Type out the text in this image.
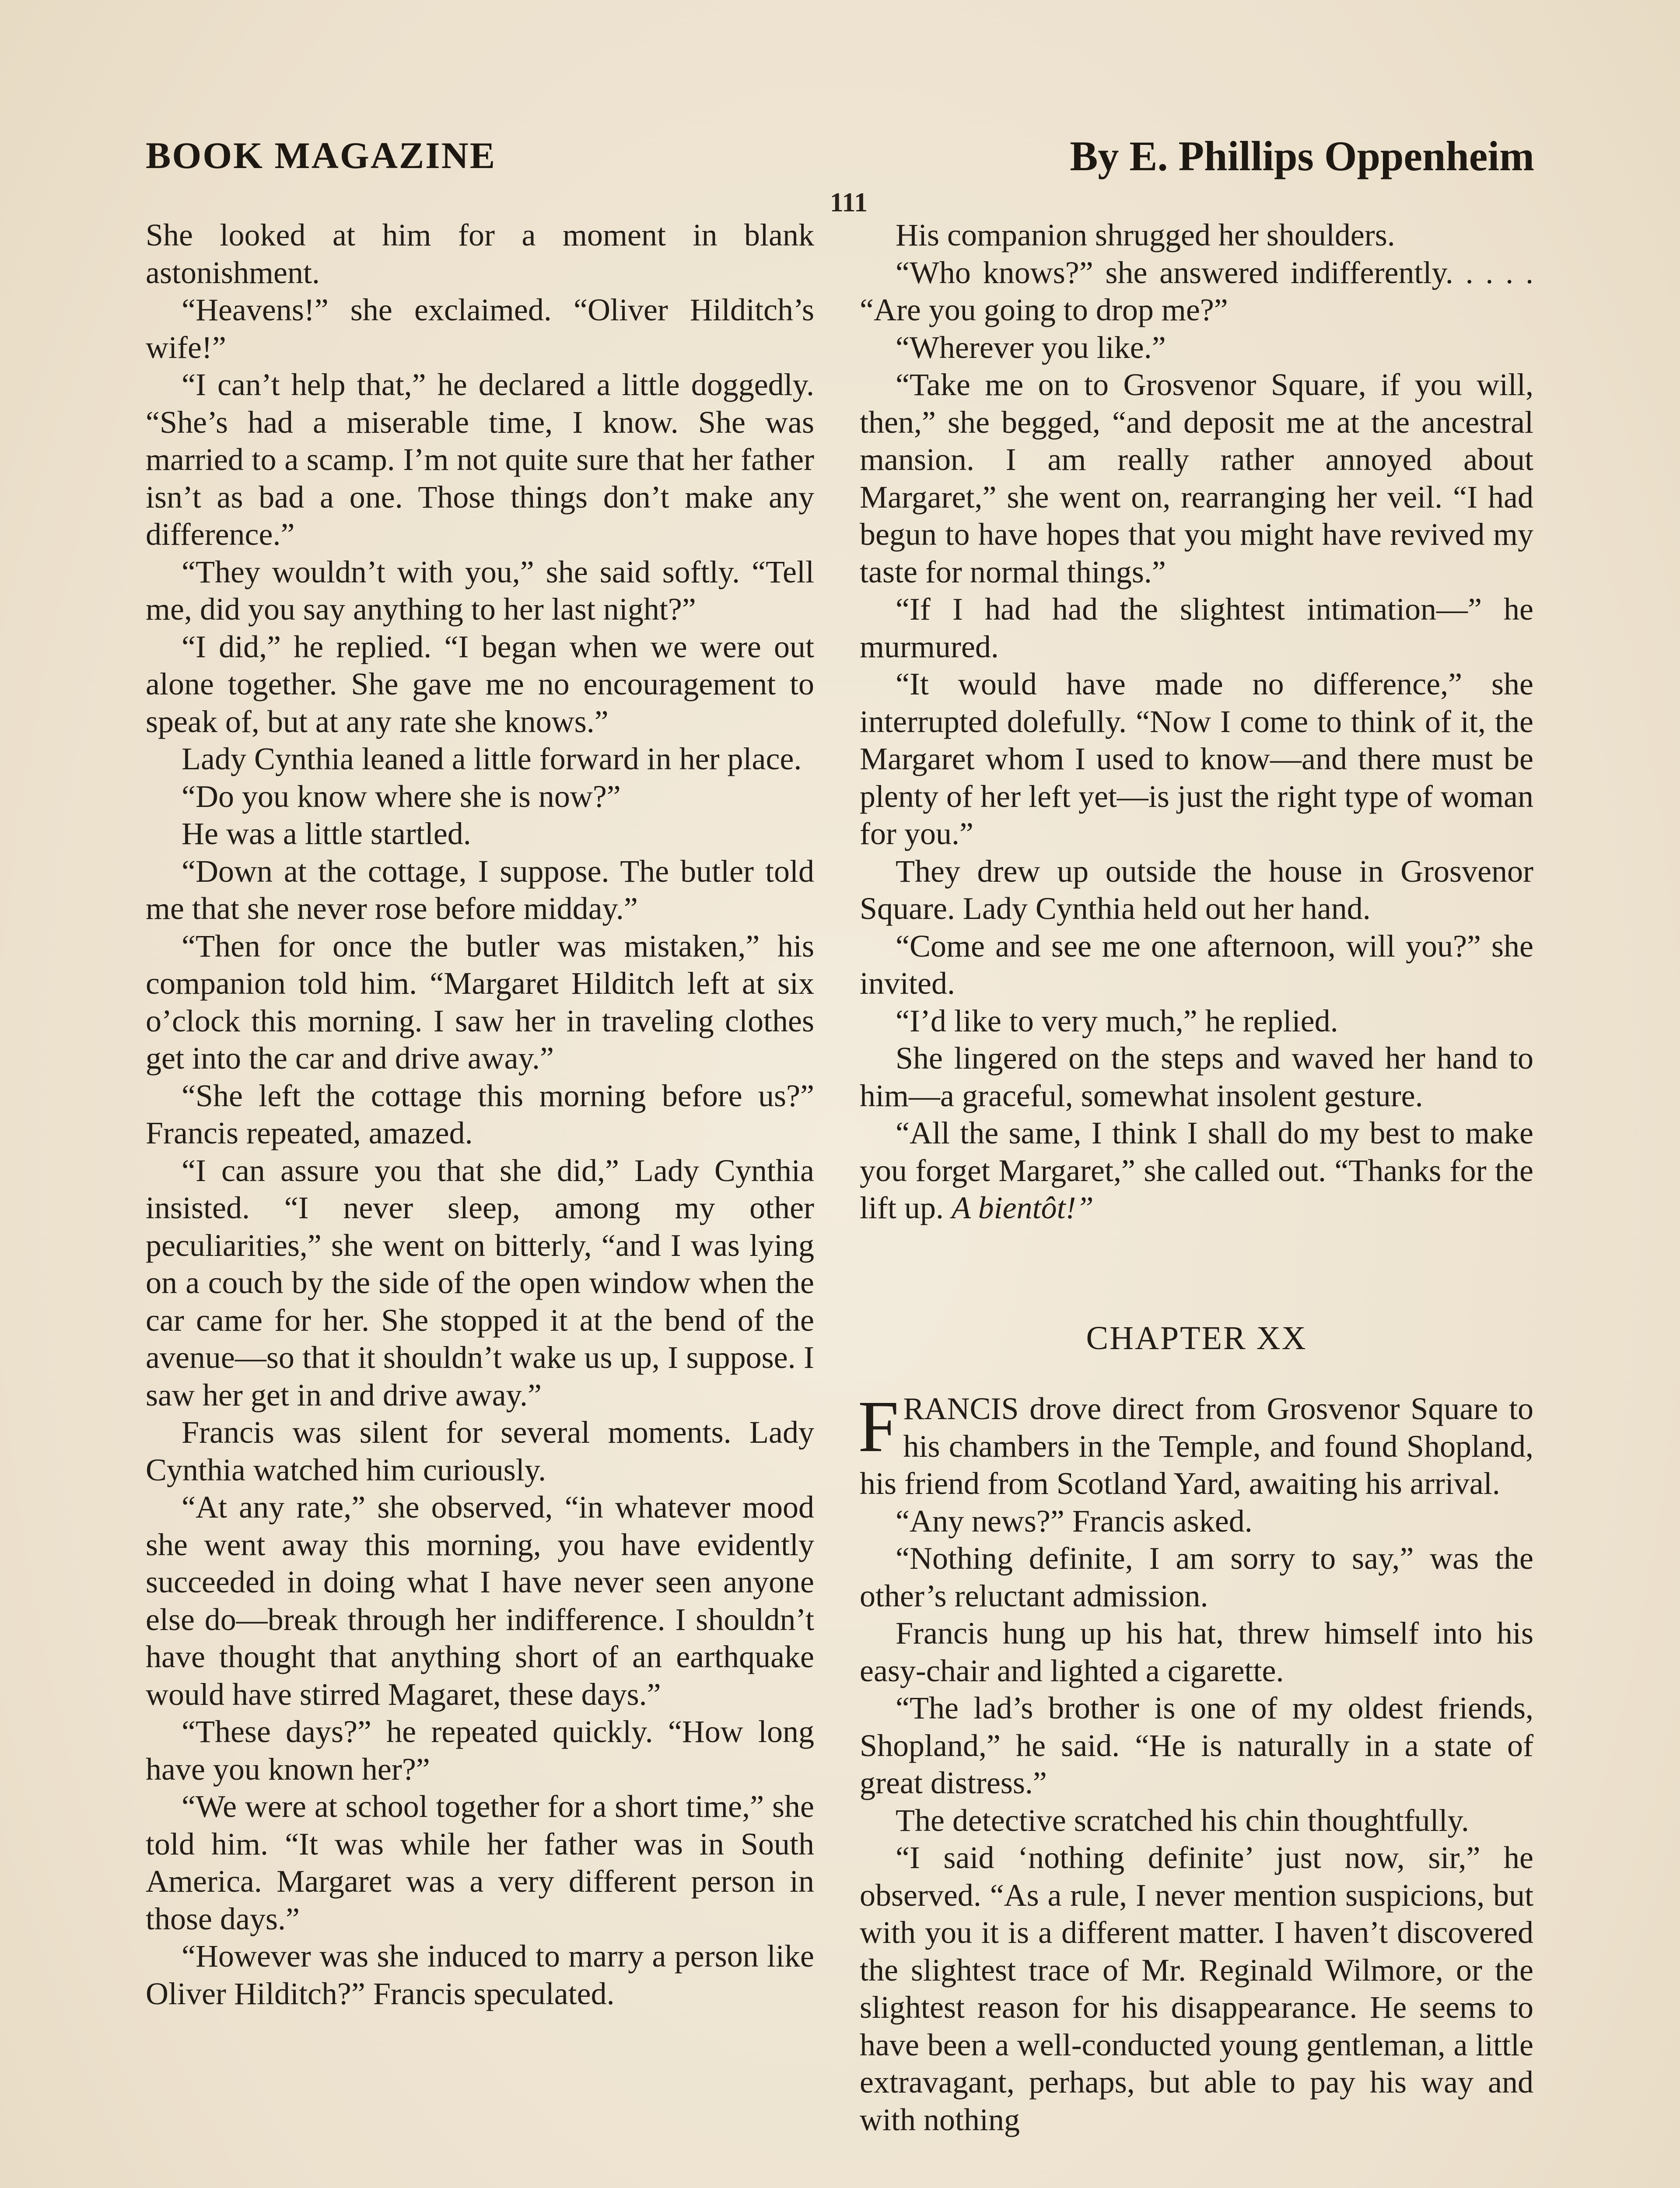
BOOK MAGAZINE	By E. Phillips Oppenheim
111

She looked at him for a moment in blank astonishment.

“Heavens!” she exclaimed. “Oliver Hilditch’s wife!”

“I can’t help that,” he declared a little doggedly. “She’s had a miserable time, I know. She was married to a scamp. I’m not quite sure that her father isn’t as bad a one. Those things don’t make any difference.”

“They wouldn’t with you,” she said softly. “Tell me, did you say anything to her last night?”

“I did,” he replied. “I began when we were out alone together. She gave me no encouragement to speak of, but at any rate she knows.”

Lady Cynthia leaned a little forward in her place.

“Do you know where she is now?”

He was a little startled.

“Down at the cottage, I suppose. The butler told me that she never rose before midday.”

“Then for once the butler was mistaken,” his companion told him. “Margaret Hilditch left at six o’clock this morning. I saw her in traveling clothes get into the car and drive away.”

“She left the cottage this morning before us?” Francis repeated, amazed.

“I can assure you that she did,” Lady Cynthia insisted. “I never sleep, among my other peculiarities,” she went on bitterly, “and I was lying on a couch by the side of the open window when the car came for her. She stopped it at the bend of the avenue—so that it shouldn’t wake us up, I suppose. I saw her get in and drive away.”

Francis was silent for several moments. Lady Cynthia watched him curiously.

“At any rate,” she observed, “in whatever mood she went away this morning, you have evidently succeeded in doing what I have never seen anyone else do—break through her indifference. I shouldn’t have thought that anything short of an earthquake would have stirred Magaret, these days.”

“These days?” he repeated quickly. “How long have you known her?”

“We were at school together for a short time,” she told him. “It was while her father was in South America. Margaret was a very different person in those days.”

“However was she induced to marry a person like Oliver Hilditch?” Francis speculated.

His companion shrugged her shoulders.

“Who knows?” she answered indifferently. . . . . “Are you going to drop me?”

“Wherever you like.”

“Take me on to Grosvenor Square, if you will, then,” she begged, “and deposit me at the ancestral mansion. I am really rather annoyed about Margaret,” she went on, rearranging her veil. “I had begun to have hopes that you might have revived my taste for normal things.”

“If I had had the slightest intimation—” he murmured.

“It would have made no difference,” she interrupted dolefully. “Now I come to think of it, the Margaret whom I used to know—and there must be plenty of her left yet—is just the right type of woman for you.”

They drew up outside the house in Grosvenor Square. Lady Cynthia held out her hand.

“Come and see me one afternoon, will you?” she invited.

“I’d like to very much,” he replied.

She lingered on the steps and waved her hand to him—a graceful, somewhat insolent gesture.

“All the same, I think I shall do my best to make you forget Margaret,” she called out. “Thanks for the lift up. A bientôt!”

CHAPTER XX

FRANCIS drove direct from Grosvenor Square to his chambers in the Temple, and found Shopland, his friend from Scotland Yard, awaiting his arrival.

“Any news?” Francis asked.

“Nothing definite, I am sorry to say,” was the other’s reluctant admission.

Francis hung up his hat, threw himself into his easy-chair and lighted a cigarette.

“The lad’s brother is one of my oldest friends, Shopland,” he said. “He is naturally in a state of great distress.”

The detective scratched his chin thoughtfully.

“I said ‘nothing definite’ just now, sir,” he observed. “As a rule, I never mention suspicions, but with you it is a different matter. I haven’t discovered the slightest trace of Mr. Reginald Wilmore, or the slightest reason for his disappearance. He seems to have been a well-conducted young gentleman, a little extravagant, perhaps, but able to pay his way and with nothing
